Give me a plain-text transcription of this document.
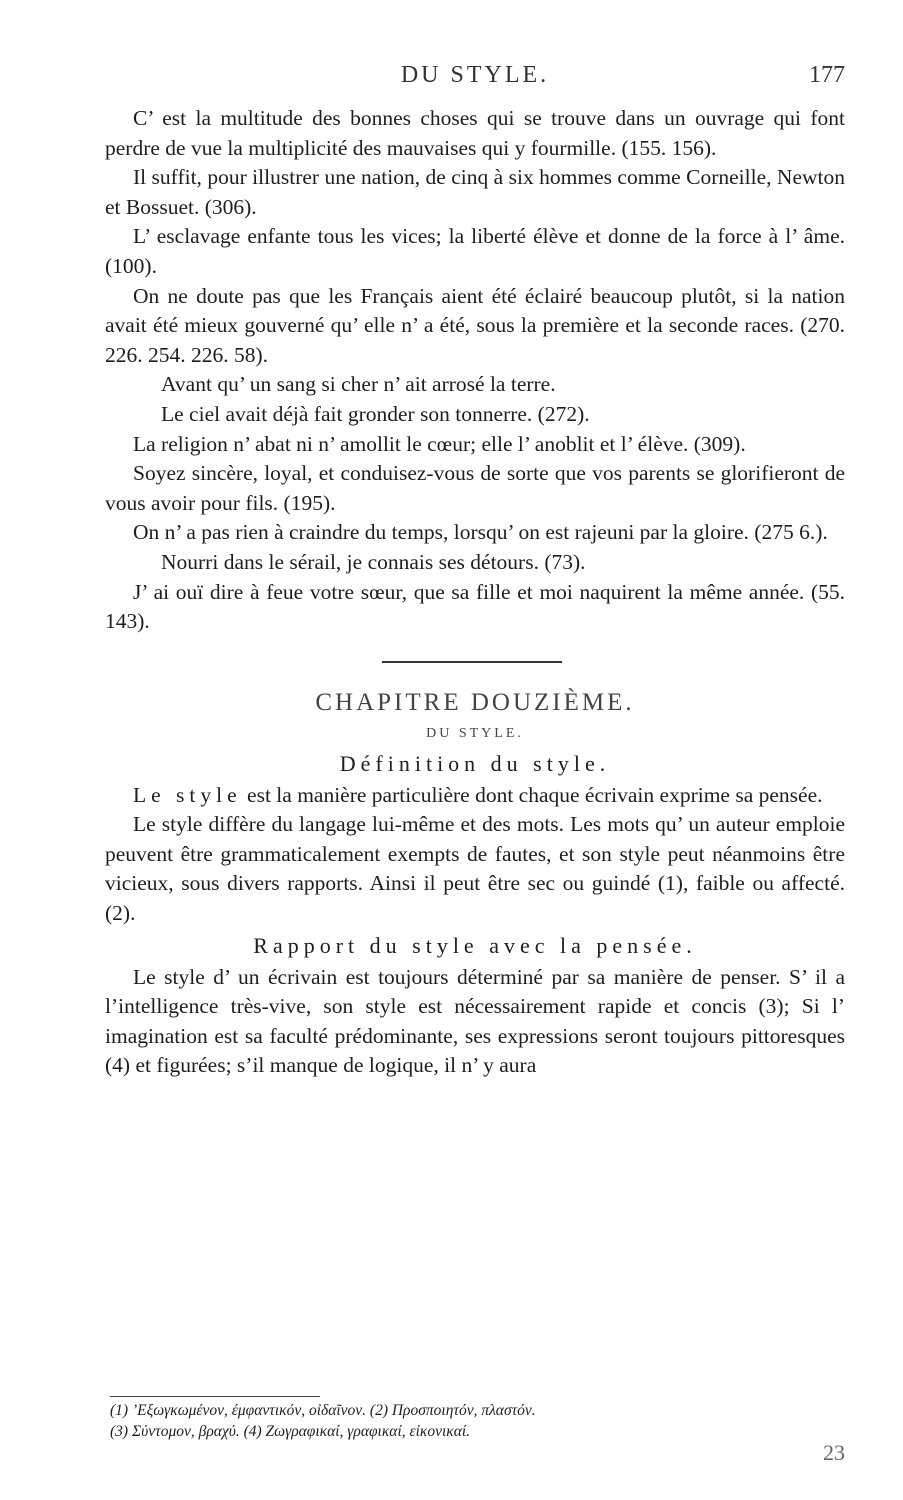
DU STYLE.	177

C’ est la multitude des bonnes choses qui se trouve dans un ouvrage qui font perdre de vue la multiplicité des mauvaises qui y fourmille. (155. 156).

Il suffit, pour illustrer une nation, de cinq à six hommes comme Corneille, Newton et Bossuet. (306).

L’ esclavage enfante tous les vices; la liberté élève et donne de la force à l’ âme. (100).

On ne doute pas que les Français aient été éclairé beaucoup plutôt, si la nation avait été mieux gouverné qu’ elle n’ a été, sous la première et la seconde races. (270. 226. 254. 226. 58).

Avant qu’ un sang si cher n’ ait arrosé la terre.

Le ciel avait déjà fait gronder son tonnerre. (272).

La religion n’ abat ni n’ amollit le cœur; elle l’ anoblit et l’ élève. (309).

Soyez sincère, loyal, et conduisez-vous de sorte que vos parents se glorifieront de vous avoir pour fils. (195).

On n’ a pas rien à craindre du temps, lorsqu’ on est rajeuni par la gloire. (275 6.).

Nourri dans le sérail, je connais ses détours. (73).

J’ ai ouï dire à feue votre sœur, que sa fille et moi naquirent la même année. (55. 143).

CHAPITRE DOUZIÈME.

DU STYLE.

Définition du style.

Le style est la manière particulière dont chaque écrivain exprime sa pensée.

Le style diffère du langage lui-même et des mots. Les mots qu’ un auteur emploie peuvent être grammaticalement exempts de fautes, et son style peut néanmoins être vicieux, sous divers rapports. Ainsi il peut être sec ou guindé (1), faible ou affecté. (2).

Rapport du style avec la pensée.

Le style d’ un écrivain est toujours déterminé par sa manière de penser. S’ il a l’intelligence très-vive, son style est nécessairement rapide et concis (3); Si l’ imagination est sa faculté prédominante, ses expressions seront toujours pittoresques (4) et figurées; s’il manque de logique, il n’ y aura

(1) ’Εξωγκωμένον, έμφαντικόν, οἰδαῖνον. (2) Προσποιητόν, πλαστόν.

(3) Σύντομον, βραχύ. (4) Ζωγραφικαί, γραφικαί, εἰκονικαί.

23
